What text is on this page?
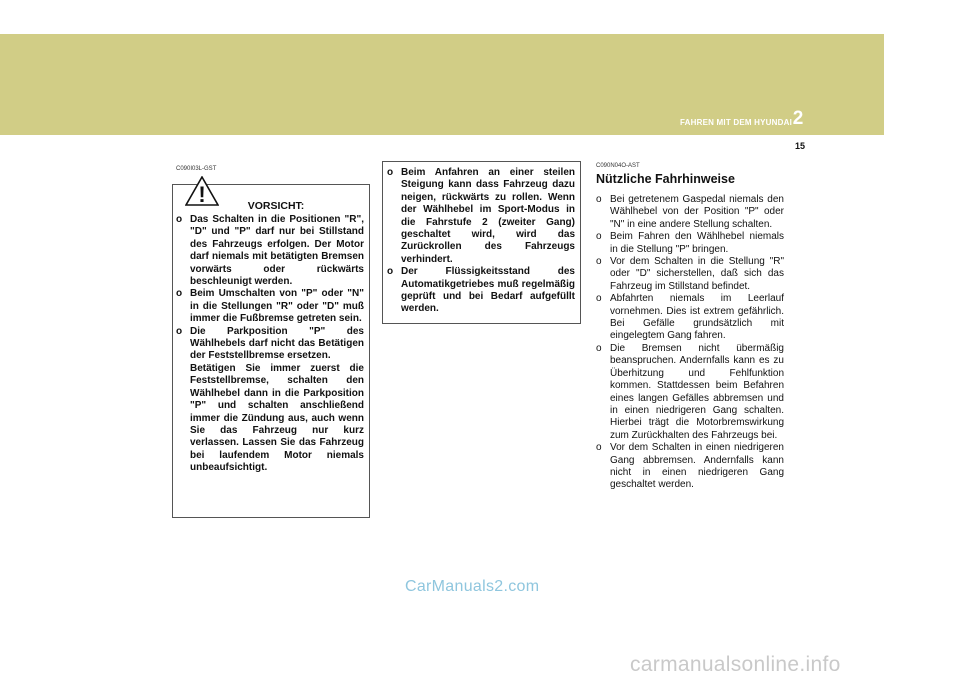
FAHREN MIT DEM HYUNDAI 2
15
C090I03L-GST
!	VORSICHT:
o Das Schalten in die Positionen "R", "D" und "P" darf nur bei Stillstand des Fahrzeugs erfolgen. Der Motor darf niemals mit betätigten Bremsen vorwärts oder rückwärts beschleunigt werden.
o Beim Umschalten von "P" oder "N" in die Stellungen "R" oder "D" muß immer die Fußbremse getreten sein.
o Die Parkposition "P" des Wählhebels darf nicht das Betätigen der Feststellbremse ersetzen.

Betätigen Sie immer zuerst die Feststellbremse, schalten den Wählhebel dann in die Parkposition "P" und schalten anschließend immer die Zündung aus, auch wenn Sie das Fahrzeug nur kurz verlassen. Lassen Sie das Fahrzeug bei laufendem Motor niemals unbeaufsichtigt.

o Beim Anfahren an einer steilen Steigung kann dass Fahrzeug dazu neigen, rückwärts zu rollen. Wenn der Wählhebel im Sport-Modus in die Fahrstufe 2 (zweiter Gang) geschaltet wird, wird das Zurückrollen des Fahrzeugs verhindert.
o Der Flüssigkeitsstand des Automatikgetriebes muß regelmäßig geprüft und bei Bedarf aufgefüllt werden.
C090N04O-AST
Nützliche Fahrhinweise
o Bei getretenem Gaspedal niemals den Wählhebel von der Position "P" oder "N" in eine andere Stellung schalten.
o Beim Fahren den Wählhebel niemals in die Stellung "P" bringen.
o Vor dem Schalten in die Stellung "R" oder "D" sicherstellen, daß sich das Fahrzeug im Stillstand befindet.
o Abfahrten niemals im Leerlauf vornehmen. Dies ist extrem gefährlich. Bei Gefälle grundsätzlich mit eingelegtem Gang fahren.
o Die Bremsen nicht übermäßig beanspruchen. Andernfalls kann es zu Überhitzung und Fehlfunktion kommen. Stattdessen beim Befahren eines langen Gefälles abbremsen und in einen niedrigeren Gang schalten. Hierbei trägt die Motorbremswirkung zum Zurückhalten des Fahrzeugs bei.
o Vor dem Schalten in einen niedrigeren Gang abbremsen. Andernfalls kann nicht in einen niedrigeren Gang geschaltet werden.
CarManuals2.com
carmanualsonline.info
